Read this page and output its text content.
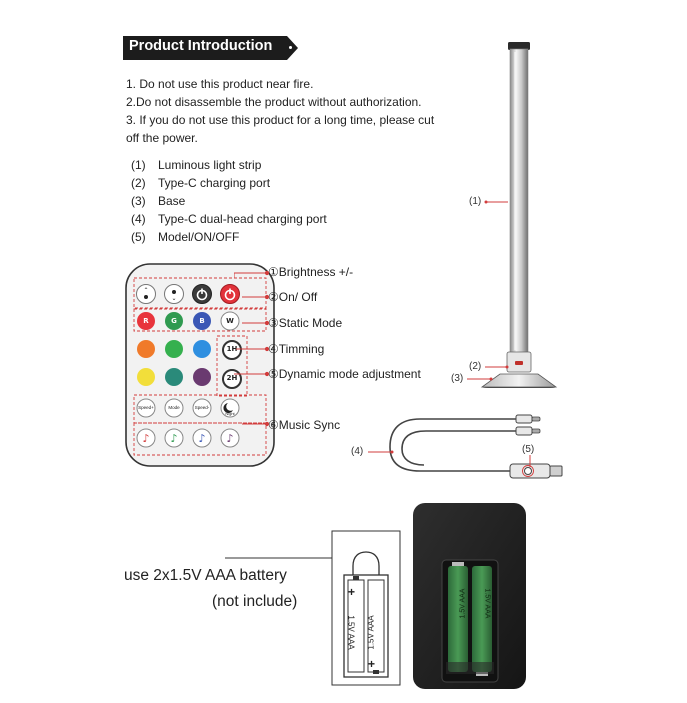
Product Introduction
1. Do not use this product near fire.
2.Do not disassemble the product without authorization.
3. If you do not use this product for a long time, please cut
off the power.
(1) Luminous light strip
(2) Type-C charging port
(3) Base
(4) Type-C dual-head charging port
(5) Model/ON/OFF
(1)
(2)
(3)
⌃
⌄
♪ ♪ ♪ ♪
R	G	B	W
1H
2H
Speed+	Mode	Speed-
Night
①Brightness +/-
②On/ Off
③Static Mode
④Timming
⑤Dynamic mode adjustment
⑥Music Sync
(5)
(4)
use 2x1.5V AAA battery
(not include)
+
+
1.5V AAA 1.5V AAA
1.5V AAA 1.5V AAA
